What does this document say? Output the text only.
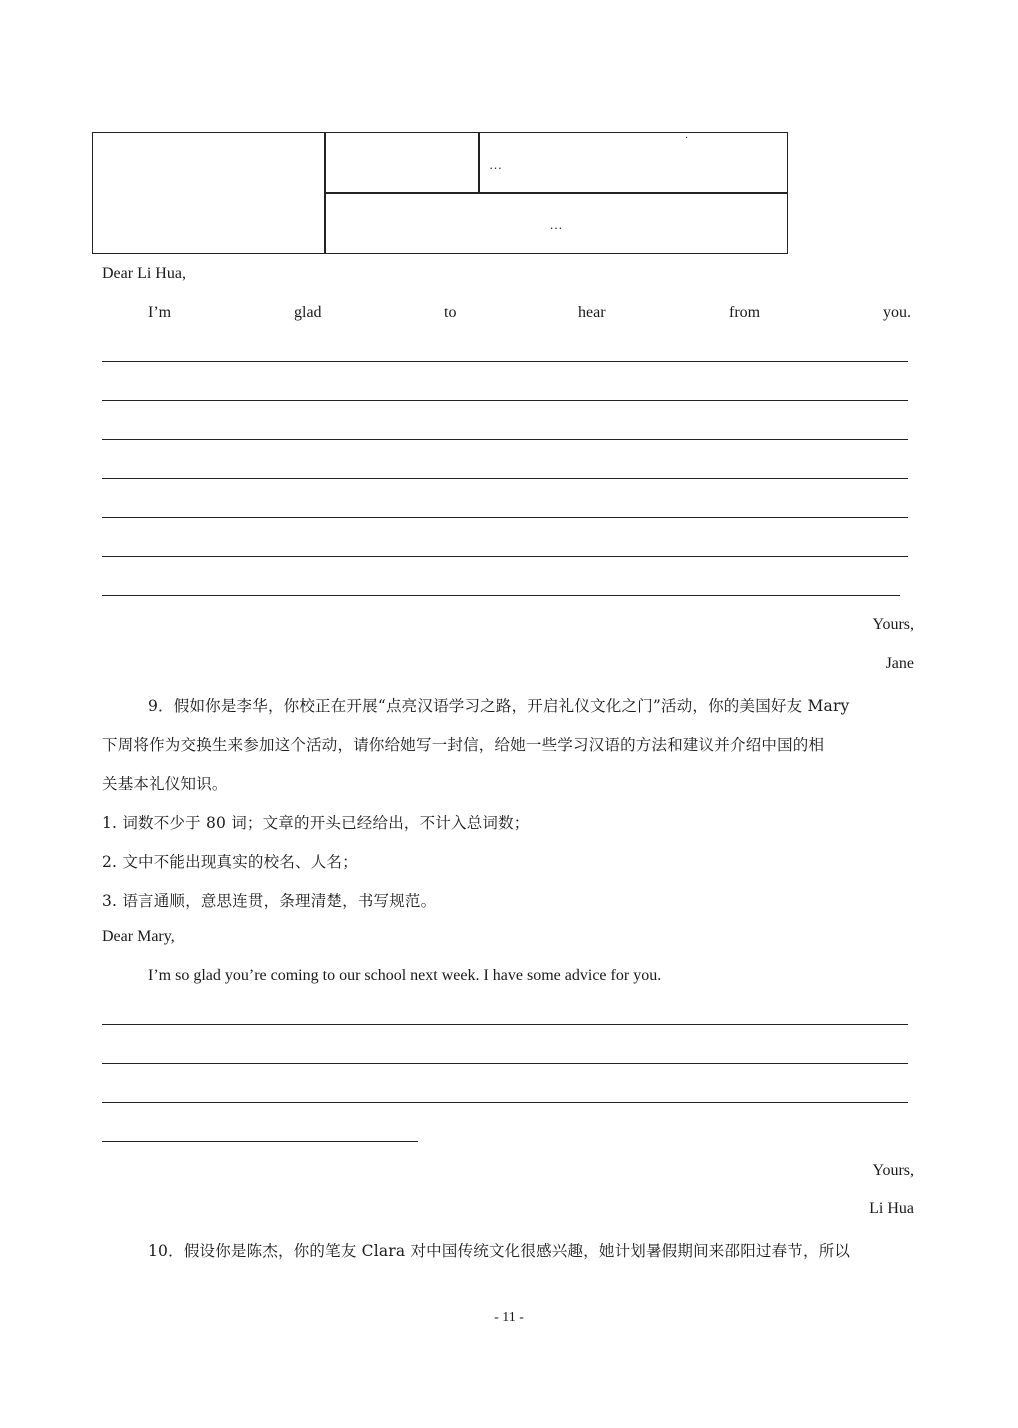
·
…
…
Dear Li Hua,
I’m	glad	to	hear	from	you.
Yours,
Jane
9．假如你是李华，你校正在开展“点亮汉语学习之路，开启礼仪文化之门”活动，你的美国好友 Mary
下周将作为交换生来参加这个活动，请你给她写一封信，给她一些学习汉语的方法和建议并介绍中国的相
关基本礼仪知识。
1. 词数不少于 80 词；文章的开头已经给出，不计入总词数；
2. 文中不能出现真实的校名、人名；
3. 语言通顺，意思连贯，条理清楚，书写规范。
Dear Mary,
I’m so glad you’re coming to our school next week. I have some advice for you.
Yours,
Li Hua
10．假设你是陈杰，你的笔友 Clara 对中国传统文化很感兴趣，她计划暑假期间来邵阳过春节，所以
- 11 -
